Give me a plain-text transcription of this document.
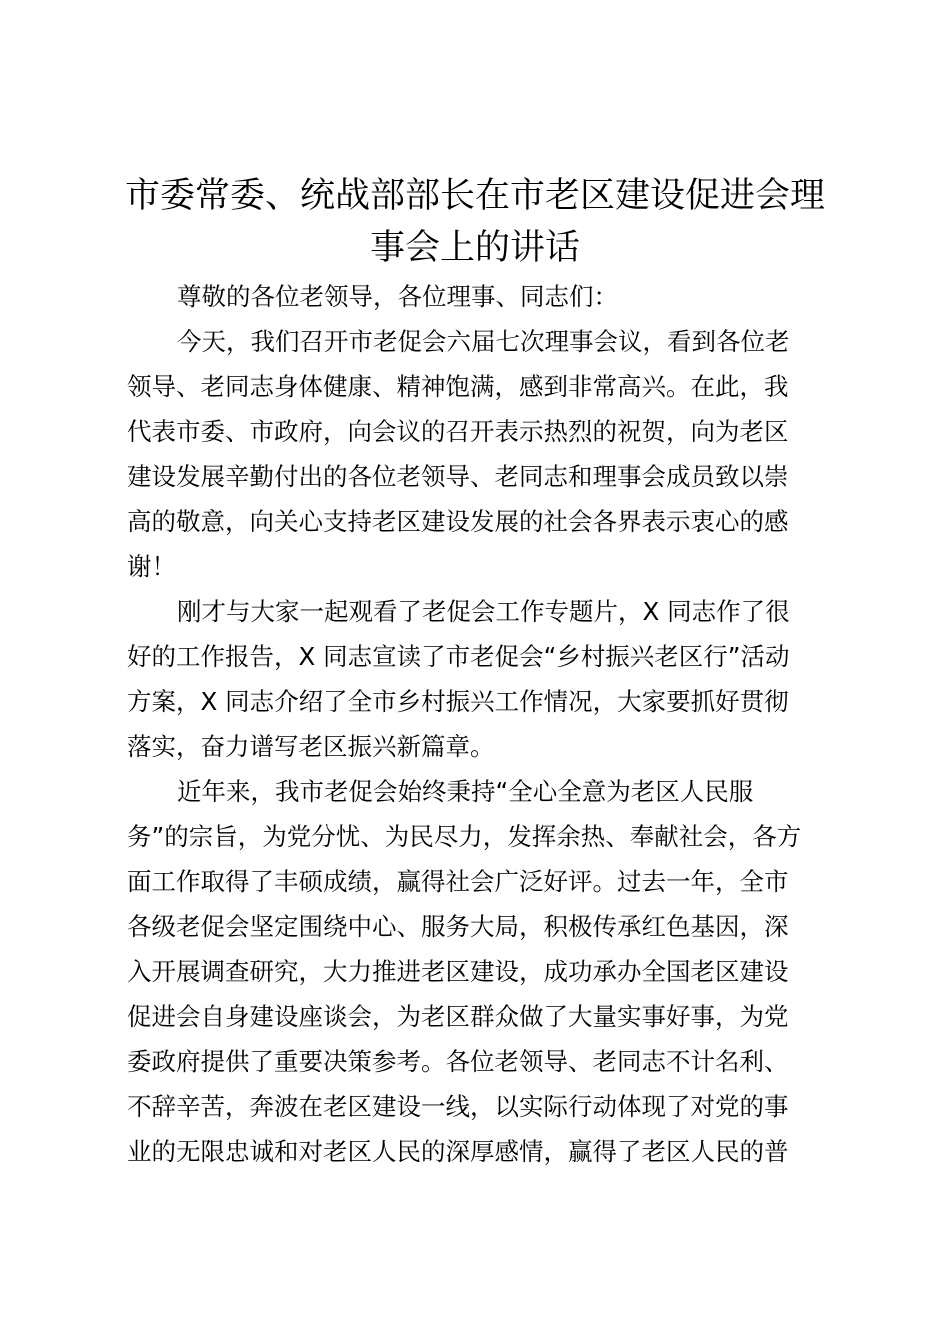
市委常委、统战部部长在市老区建设促进会理
事会上的讲话

尊敬的各位老领导，各位理事、同志们：

今天，我们召开市老促会六届七次理事会议，看到各位老
领导、老同志身体健康、精神饱满，感到非常高兴。在此，我
代表市委、市政府，向会议的召开表示热烈的祝贺，向为老区
建设发展辛勤付出的各位老领导、老同志和理事会成员致以崇
高的敬意，向关心支持老区建设发展的社会各界表示衷心的感
谢！

刚才与大家一起观看了老促会工作专题片，X 同志作了很
好的工作报告，X 同志宣读了市老促会“乡村振兴老区行”活动
方案，X 同志介绍了全市乡村振兴工作情况，大家要抓好贯彻
落实，奋力谱写老区振兴新篇章。

近年来，我市老促会始终秉持“全心全意为老区人民服
务”的宗旨，为党分忧、为民尽力，发挥余热、奉献社会，各方
面工作取得了丰硕成绩，赢得社会广泛好评。过去一年，全市
各级老促会坚定围绕中心、服务大局，积极传承红色基因，深
入开展调查研究，大力推进老区建设，成功承办全国老区建设
促进会自身建设座谈会，为老区群众做了大量实事好事，为党
委政府提供了重要决策参考。各位老领导、老同志不计名利、
不辞辛苦，奔波在老区建设一线，以实际行动体现了对党的事
业的无限忠诚和对老区人民的深厚感情，赢得了老区人民的普
